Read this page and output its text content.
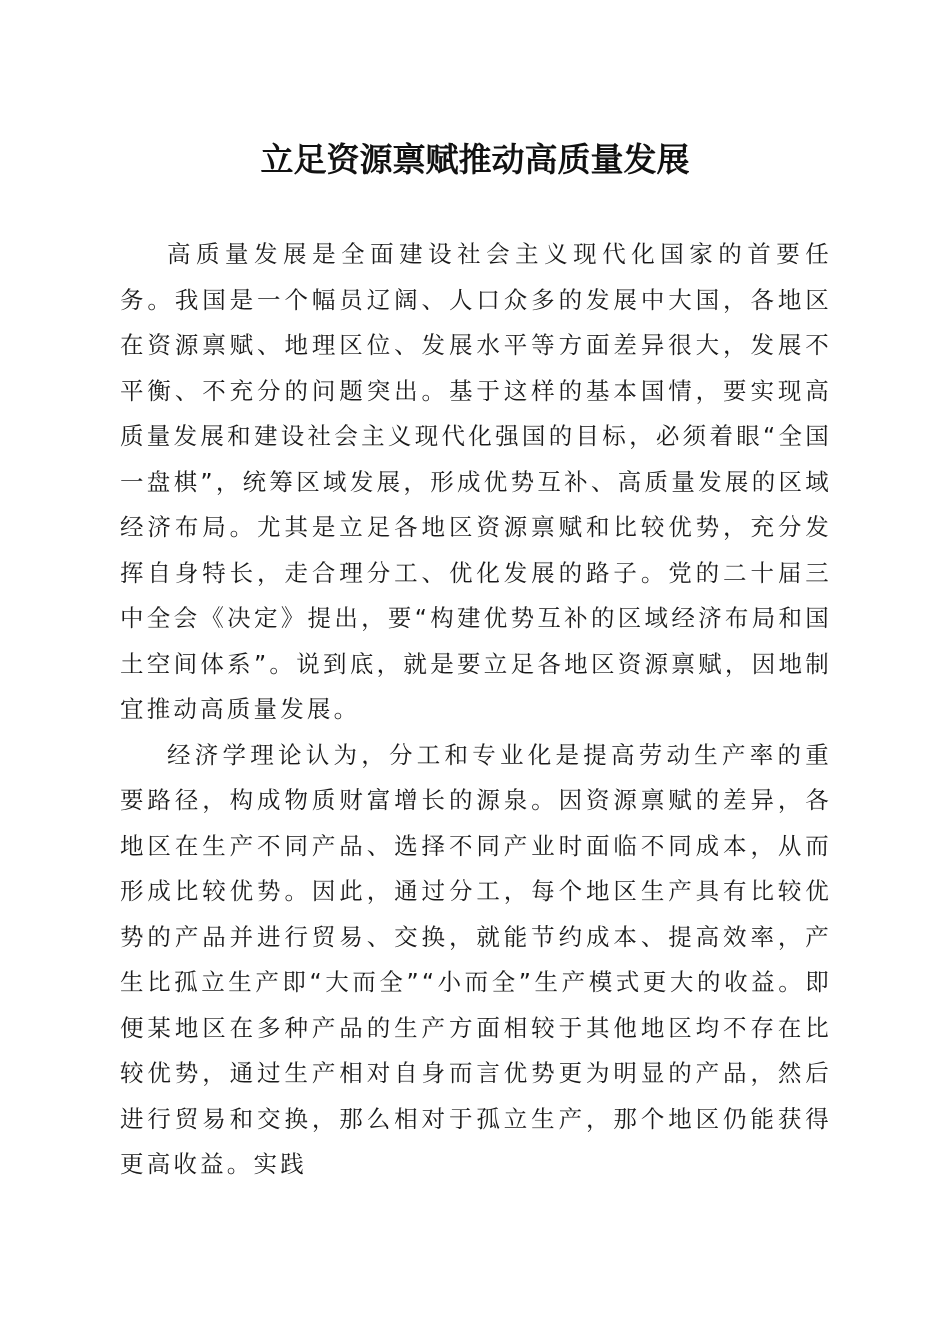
立足资源禀赋推动高质量发展

高质量发展是全面建设社会主义现代化国家的首要任务。我国是一个幅员辽阔、人口众多的发展中大国，各地区在资源禀赋、地理区位、发展水平等方面差异很大，发展不平衡、不充分的问题突出。基于这样的基本国情，要实现高质量发展和建设社会主义现代化强国的目标，必须着眼“全国一盘棋”，统筹区域发展，形成优势互补、高质量发展的区域经济布局。尤其是立足各地区资源禀赋和比较优势，充分发挥自身特长，走合理分工、优化发展的路子。党的二十届三中全会《决定》提出，要“构建优势互补的区域经济布局和国土空间体系”。说到底，就是要立足各地区资源禀赋，因地制宜推动高质量发展。

经济学理论认为，分工和专业化是提高劳动生产率的重要路径，构成物质财富增长的源泉。因资源禀赋的差异，各地区在生产不同产品、选择不同产业时面临不同成本，从而形成比较优势。因此，通过分工，每个地区生产具有比较优势的产品并进行贸易、交换，就能节约成本、提高效率，产生比孤立生产即“大而全”“小而全”生产模式更大的收益。即便某地区在多种产品的生产方面相较于其他地区均不存在比较优势，通过生产相对自身而言优势更为明显的产品，然后进行贸易和交换，那么相对于孤立生产，那个地区仍能获得更高收益。实践
